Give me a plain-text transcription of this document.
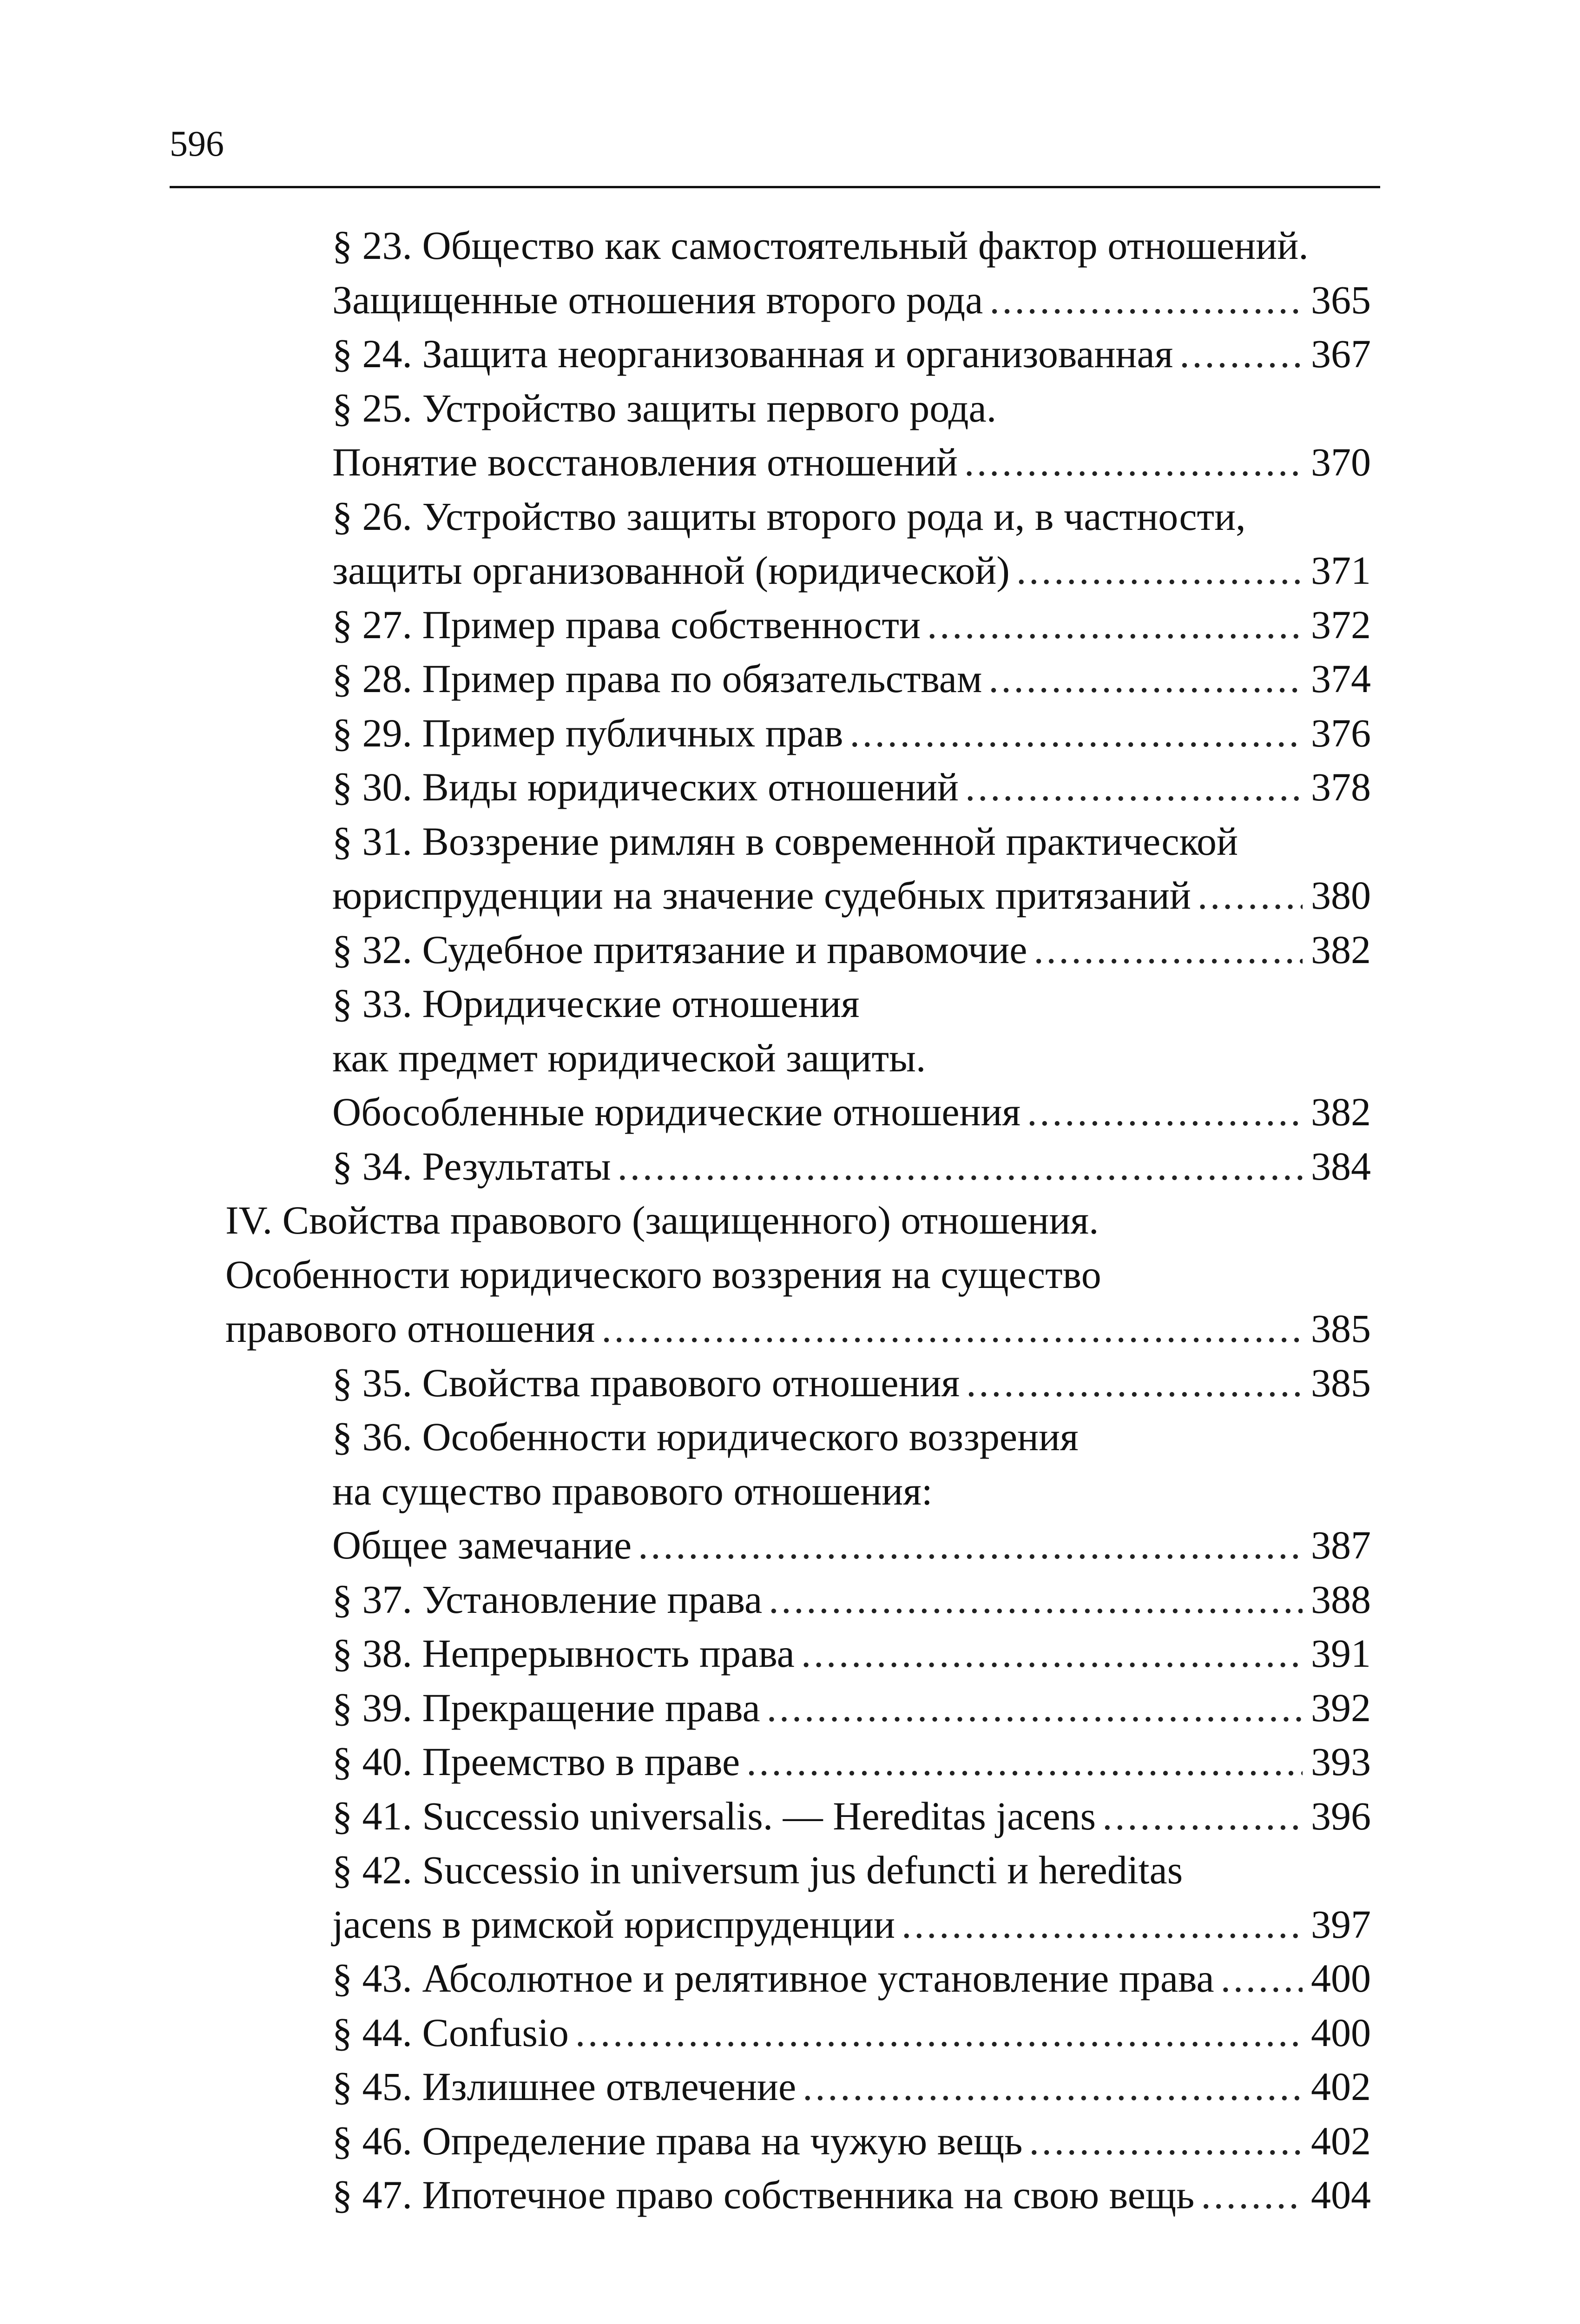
596
§ 23. Общество как самостоятельный фактор отношений.
Защищенные отношения второго рода . . .	365
§ 24. Защита неорганизованная и организованная . . .	367
§ 25. Устройство защиты первого рода.
Понятие восстановления отношений . . .	370
§ 26. Устройство защиты второго рода и, в частности,
защиты организованной (юридической) . . .	371
§ 27. Пример права собственности . . .	372
§ 28. Пример права по обязательствам . . .	374
§ 29. Пример публичных прав . . .	376
§ 30. Виды юридических отношений . . .	378
§ 31. Воззрение римлян в современной практической
юриспруденции на значение судебных притязаний . . .	380
§ 32. Судебное притязание и правомочие . . .	382
§ 33. Юридические отношения
как предмет юридической защиты.
Обособленные юридические отношения . . .	382
§ 34. Результаты . . .	384
IV. Свойства правового (защищенного) отношения.
Особенности юридического воззрения на существо
правового отношения . . .	385
§ 35. Свойства правового отношения . . .	385
§ 36. Особенности юридического воззрения
на существо правового отношения:
Общее замечание . . .	387
§ 37. Установление права . . .	388
§ 38. Непрерывность права . . .	391
§ 39. Прекращение права . . .	392
§ 40. Преемство в праве . . .	393
§ 41. Successio universalis. — Hereditas jacens . . .	396
§ 42. Successio in universum jus defuncti и hereditas
jacens в римской юриспруденции . . .	397
§ 43. Абсолютное и релятивное установление права . . . 400
§ 44. Confusio . . .	400
§ 45. Излишнее отвлечение . . .	402
§ 46. Определение права на чужую вещь . . .	402
§ 47. Ипотечное право собственника на свою вещь . . .	404
